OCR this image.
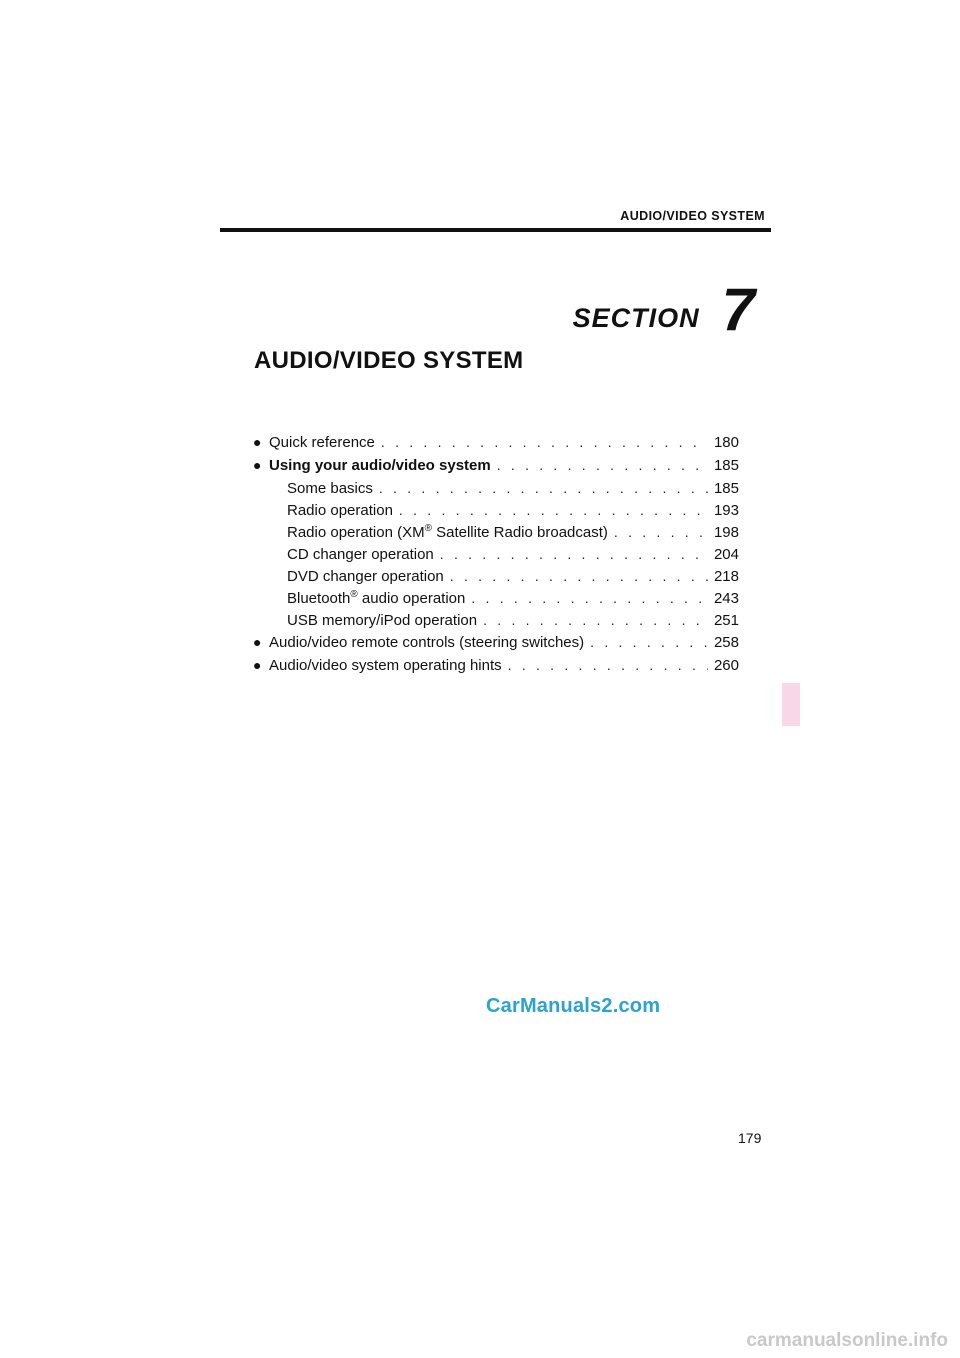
AUDIO/VIDEO SYSTEM
SECTION 7
AUDIO/VIDEO SYSTEM
● Quick reference . . .	180
● Using your audio/video system . . .	185
Some basics . . .	185
Radio operation . . .	193
Radio operation (XM® Satellite Radio broadcast) . . .	198
CD changer operation . . .	204
DVD changer operation . . .	218
Bluetooth® audio operation . . .	243
USB memory/iPod operation . . .	251
● Audio/video remote controls (steering switches) . . .	258
● Audio/video system operating hints . . .	260
CarManuals2.com
179
carmanualsonline.info
